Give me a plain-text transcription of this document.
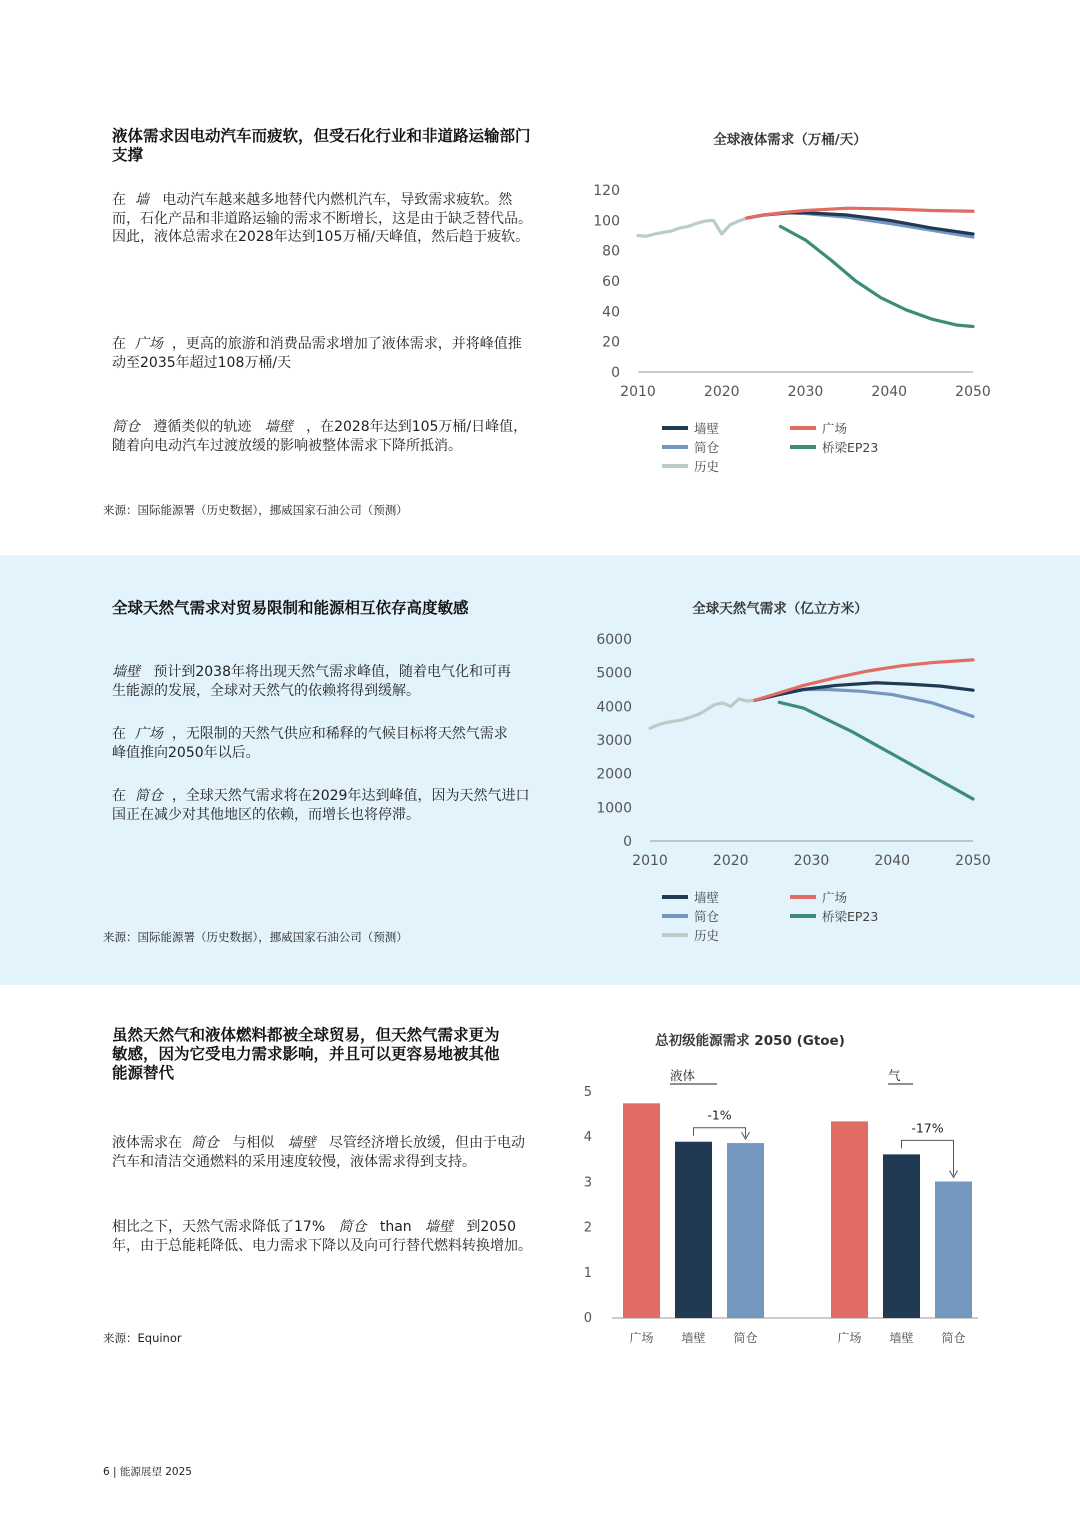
液体需求因电动汽车而疲软，但受石化行业和非道路运输部门支撑
在 墙 电动汽车越来越多地替代内燃机汽车，导致需求疲软。然而，石化产品和非道路运输的需求不断增长，这是由于缺乏替代品。因此，液体总需求在2028年达到105万桶/天峰值，然后趋于疲软。
在 广场 ，更高的旅游和消费品需求增加了液体需求，并将峰值推动至2035年超过108万桶/天
简仓 遵循类似的轨迹 墙壁 ，在2028年达到105万桶/日峰值，随着向电动汽车过渡放缓的影响被整体需求下降所抵消。
来源：国际能源署（历史数据），挪威国家石油公司（预测）
全球液体需求（万桶/天）
0
20
40
60
80
100
120
2010	2020	2030	2040	2050
墙壁	广场
简仓	桥梁EP23
历史
全球天然气需求对贸易限制和能源相互依存高度敏感
墙壁 预计到2038年将出现天然气需求峰值，随着电气化和可再生能源的发展，全球对天然气的依赖将得到缓解。
在 广场 ，无限制的天然气供应和稀释的气候目标将天然气需求峰值推向2050年以后。
在 简仓 ，全球天然气需求将在2029年达到峰值，因为天然气进口国正在减少对其他地区的依赖，而增长也将停滞。
来源：国际能源署（历史数据），挪威国家石油公司（预测）
全球天然气需求（亿立方米）
0
1000
2000
3000
4000
5000
6000
2010	2020	2030	2040	2050
墙壁	广场
简仓	桥梁EP23
历史
虽然天然气和液体燃料都被全球贸易，但天然气需求更为敏感，因为它受电力需求影响，并且可以更容易地被其他能源替代
液体需求在 简仓 与相似 墙壁 尽管经济增长放缓，但由于电动汽车和清洁交通燃料的采用速度较慢，液体需求得到支持。
相比之下，天然气需求降低了17% 简仓 than 墙壁 到2050年，由于总能耗降低、电力需求下降以及向可行替代燃料转换增加。
来源：Equinor
总初级能源需求 2050 (Gtoe)
0
1
2
3
4
5
液体
广场 墙壁 简仓
-1%
气
广场 墙壁 简仓
-17%
6 | 能源展望 2025
